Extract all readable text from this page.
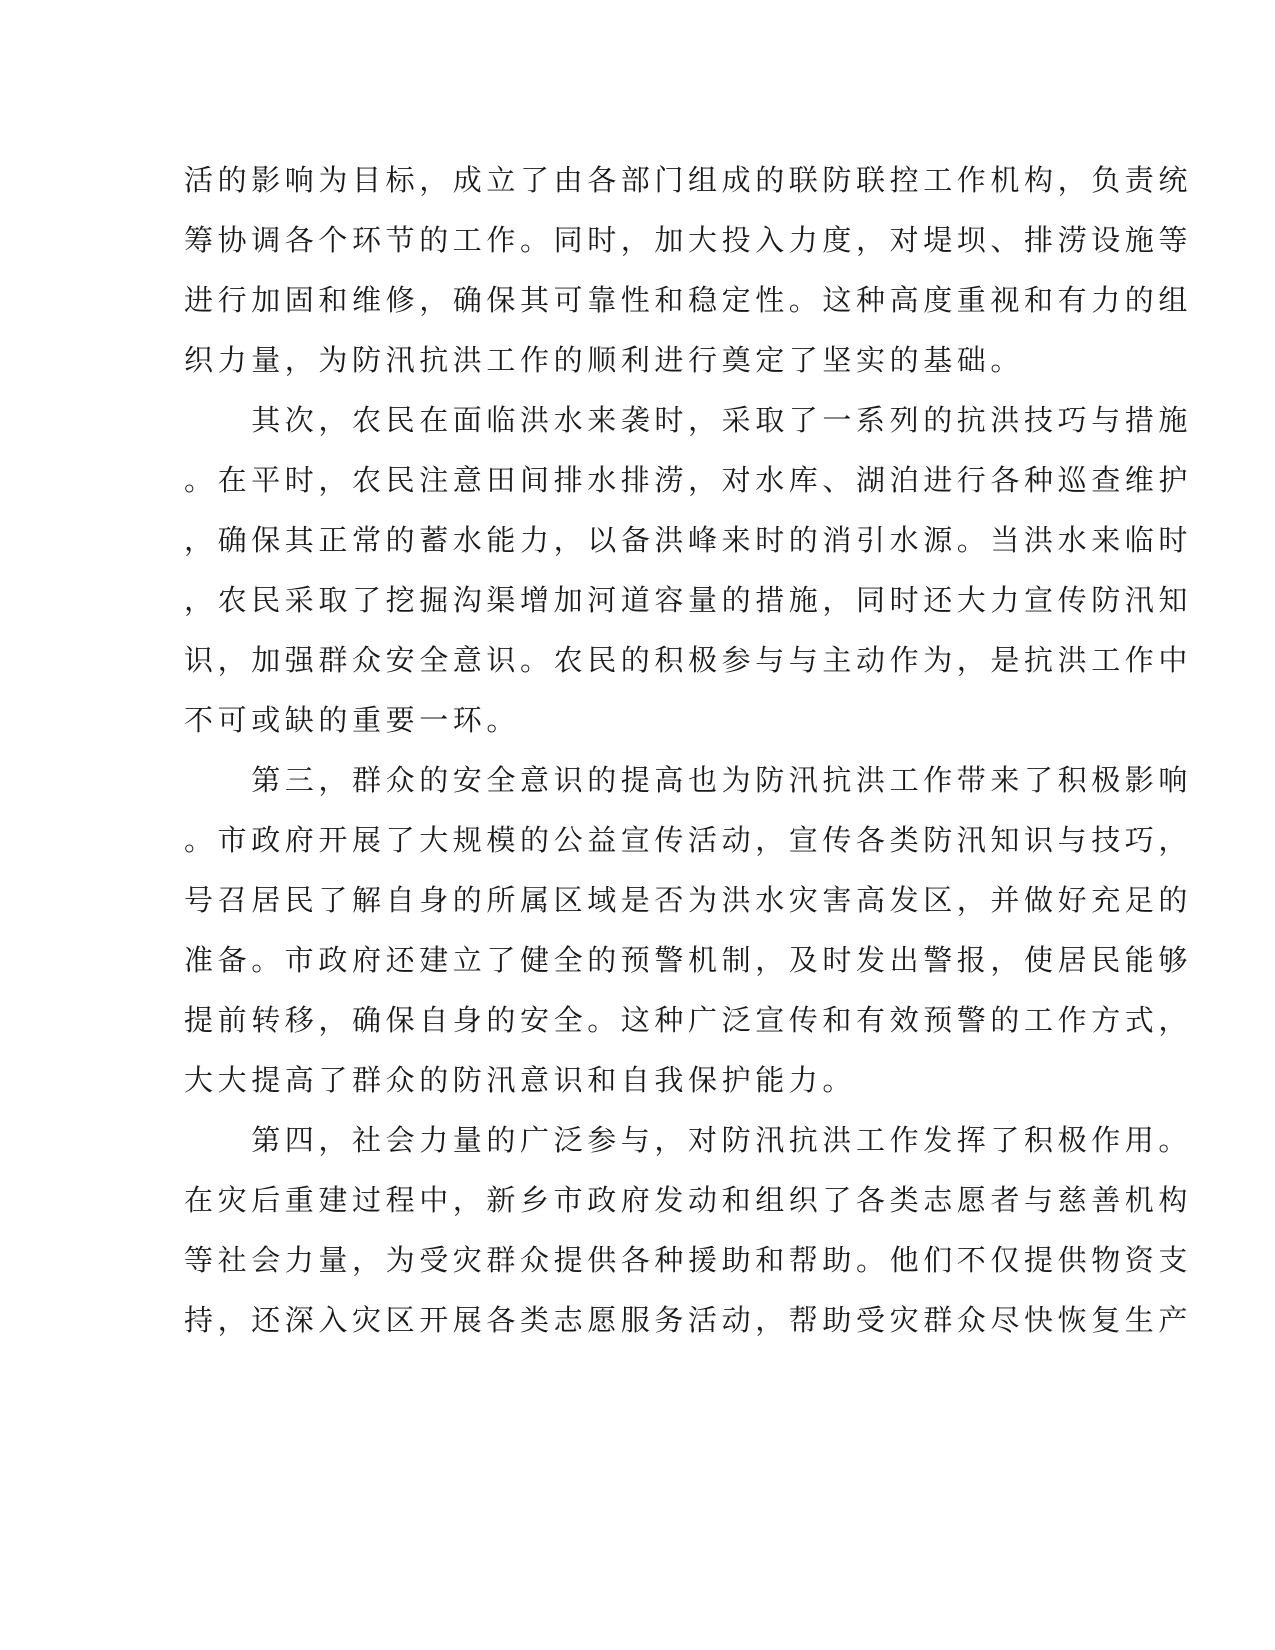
活的影响为目标，成立了由各部门组成的联防联控工作机构，负责统
筹协调各个环节的工作。同时，加大投入力度，对堤坝、排涝设施等
进行加固和维修，确保其可靠性和稳定性。这种高度重视和有力的组
织力量，为防汛抗洪工作的顺利进行奠定了坚实的基础。
　　其次，农民在面临洪水来袭时，采取了一系列的抗洪技巧与措施
。在平时，农民注意田间排水排涝，对水库、湖泊进行各种巡查维护
，确保其正常的蓄水能力，以备洪峰来时的消引水源。当洪水来临时
，农民采取了挖掘沟渠增加河道容量的措施，同时还大力宣传防汛知
识，加强群众安全意识。农民的积极参与与主动作为，是抗洪工作中
不可或缺的重要一环。
　　第三，群众的安全意识的提高也为防汛抗洪工作带来了积极影响
。市政府开展了大规模的公益宣传活动，宣传各类防汛知识与技巧，
号召居民了解自身的所属区域是否为洪水灾害高发区，并做好充足的
准备。市政府还建立了健全的预警机制，及时发出警报，使居民能够
提前转移，确保自身的安全。这种广泛宣传和有效预警的工作方式，
大大提高了群众的防汛意识和自我保护能力。
　　第四，社会力量的广泛参与，对防汛抗洪工作发挥了积极作用。
在灾后重建过程中，新乡市政府发动和组织了各类志愿者与慈善机构
等社会力量，为受灾群众提供各种援助和帮助。他们不仅提供物资支
持，还深入灾区开展各类志愿服务活动，帮助受灾群众尽快恢复生产
